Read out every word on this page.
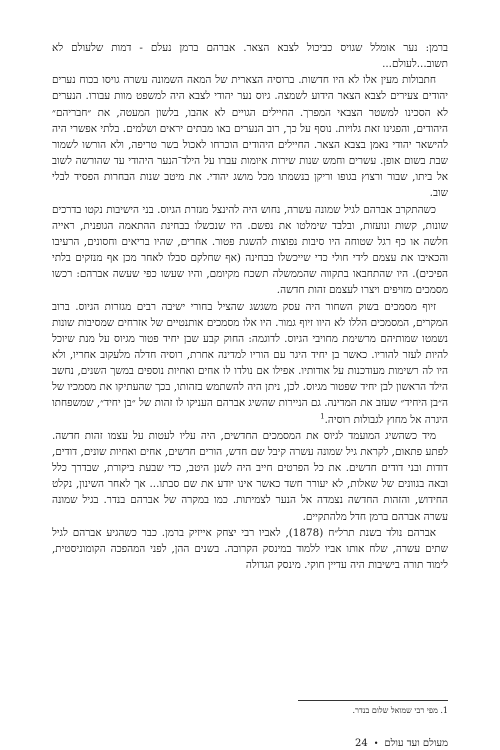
ברמן: נער אומלל שגויס כביכול לצבא הצאר. אברהם ברמן נעלם - דמות שלעולם לא תשוב...לעולם...

חתבולות מעין אלו לא היו חדשות. ברוסיה הצארית של המאה השמונה עשרה גויסו בכוח נערים יהודים צעירים לצבא הצאר הידוע לשמצה. גיוס נער יהודי לצבא היה למשפט מוות עבורו. הנערים לא הסכינו למשטר הצבאי המפרך. החיילים הגויים לא אהבו, בלשון המעטה, את ״חבריהם״ היהודים, והפגינו זאת גלויות. נוסף על כך, רוב הנערים באו מבתים יראים ושלמים. בלתי אפשרי היה להישאר יהודי נאמן בצבא הצאר. החיילים היהודים הוכרחו לאכול בשר טריפה, ולא הורשו לשמור שבת בשום אופן. עשרים וחמש שנות שירות איומות עברו על הילד־הנער היהודי עד שהורשה לשוב אל ביתו, שבור ורצוץ בגופו וריקן בנשמתו מכל מושג יהודי. את מיטב שנות הבחרות הפסיד לבלי שוב.

כשהתקרב אברהם לגיל שמונה עשרה, נחוש היה להינצל מגזרת הגיוס. בני הישיבות נקטו בדרכים שונות, קשות ונועזות, ובלבד שימלטו את נפשם. היו שנכשלו בבחינת ההתאמה הגופנית, ראייה חלשה או כף רגל שטוחה היו סיבות נפוצות להשגת פטור. אחרים, שהיו בריאים וחסונים, הרעיבו והכאיבו את עצמם לידי חולי כדי שייכשלו בבחינה (אף שחלקם סבלו לאחר מכן אף מנזקים בלתי הפיכים). היו שהתחבאו בתקווה שהממשלה תשכח מקיומם, והיו שעשו כפי שעשה אברהם: רכשו מסמכים מזויפים ויצרו לעצמם זהות חדשה.

זיוף מסמכים בשוק השחור היה עסק משגשג שהציל בחורי ישיבה רבים מגזרות הגיוס. ברוב המקרים, המסמכים הללו לא היוו זיוף גמור. היו אלו מסמכים אותנטיים של אזרחים שמסיבות שונות נשמטו שמותיהם מרשימת מחויבי הגיוס. לדוגמה: החוק קבע שבן יחיד פטור מגיוס על מנת שיוכל להיות לעזר להוריו. כאשר בן יחיד היגר עם הוריו למדינה אחרת, רוסיה חדלה מלעקוב אחריו, ולא היו לה רשימות מעודכנות על אודותיו. אפילו אם נולדו לו אחים ואחיות נוספים במשך השנים, נחשב הילד הראשון לבן יחיד שפטור מגיוס. לכן, ניתן היה להשתמש בזהותו, בכך שהעתיקו את מסמכיו של ה״בן היחיד״ שעזב את המדינה. גם הניירות שהשיג אברהם העניקו לו זהות של ״בן יחיד״, שמשפחתו היגרה אל מחוץ לגבולות רוסיה.$^1$

מיד כשהשיג המועמד לגיוס את המסמכים החדשים, היה עליו לעטות על עצמו זהות חדשה. לפתע פתאום, לקראת גיל שמונה עשרה קיבל שם חדש, הורים חדשים, אחים ואחיות שונים, דודים, דודות ובני דודים חדשים. את כל הפרטים חייב היה לשנן היטב, כדי שבעת ביקורת, שבדרך כלל ובאה בגוונים של שאלות, לא יעורר חשד כאשר אינו יודע את שם סבתו... אך לאחר השינון, נקלט החידוש, והזהות החדשה נצמדה אל הנער לצמיתות. כמו במקרה של אברהם בנדר. בגיל שמונה עשרה אברהם ברמן חדל מלהתקיים.

אברהם נולד בשנת תרל״ח (1878), לאביו רבי יצחק אייזיק ברמן. כבר כשהגיע אברהם לגיל שתים עשרה, שלח אותו אביו ללמוד במינסק הקרובה. בשנים ההן, לפני המהפכה הקומוניסטית, לימוד תורה בישיבות היה עדיין חוקי. מינסק הגדולה

1. מפי רבי שמואל שלום בנדר.
מעולם ועד עולם
•
24
